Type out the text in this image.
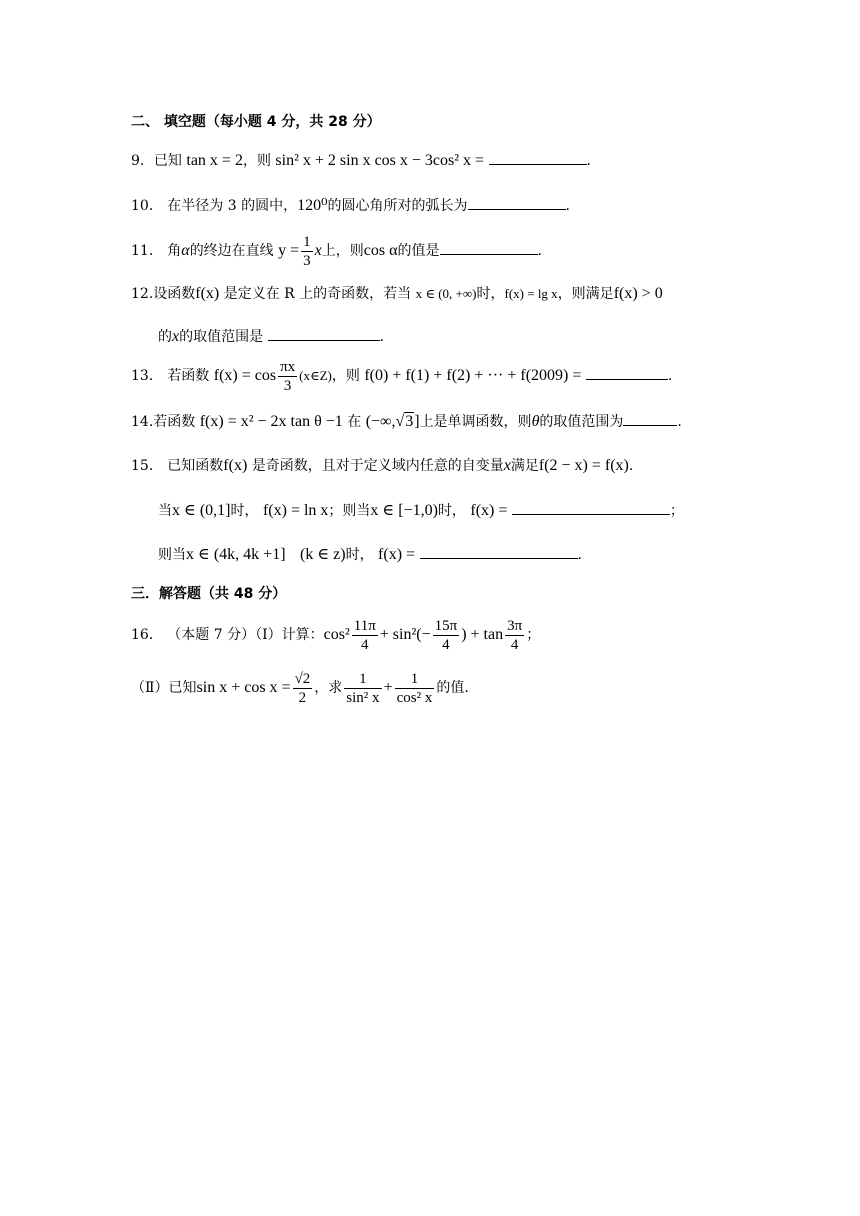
二、 填空题（每小题 4 分，共 28 分）
9．已知 tan x = 2，则 sin² x + 2 sin x cos x − 3cos² x =	.
10． 在半径为 3 的圆中，120⁰的圆心角所对的弧长为	.
11． 角α的终边在直线 $y = \frac{1}{3}$ x上，则cos α的值是	.
12.设函数f(x) 是定义在 R 上的奇函数，若当 x ∈ (0, +∞)时，f(x) = lg x，则满足f(x) > 0
的x的取值范围是	.
13． 若函数 $f(x) = \cos \frac{\pi x}{3}$ (x∈Z)，则 f(0) + f(1) + f(2) + ··· + f(2009) =	.
14.若函数 f(x) = x² − 2x tan θ −1 在 (−∞,√3]上是单调函数，则θ的取值范围为	.
15． 已知函数f(x) 是奇函数，且对于定义域内任意的自变量x满足f(2 − x) = f(x).
当x ∈ (0,1]时， f(x) = ln x；则当x ∈ [−1,0)时， f(x) =	；
则当x ∈ (4k, 4k +1] (k ∈ z)时， f(x) =	.
三．解答题（共 48 分）
16． （本题 7 分）（Ⅰ）计算：$\cos^2 \frac{11\pi}{4} + \sin^2(- \frac{15\pi}{4}$ ) + $\tan \frac{3\pi}{4}$ ；
（Ⅱ）已知$\sin x + \cos x = \frac{√2}{2}$ ，求 $\frac{1}{\text{sin² x}} + \frac{1}{\text{cos² x}}$ 的值.
